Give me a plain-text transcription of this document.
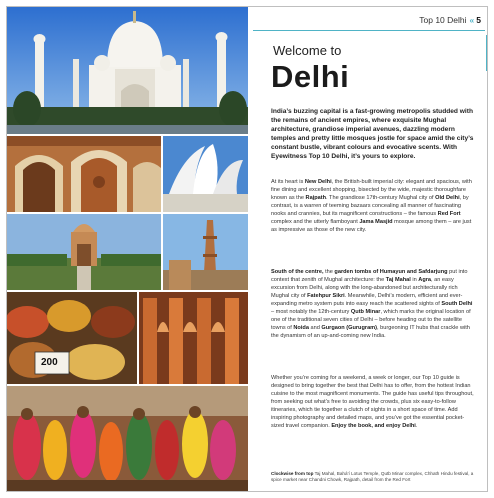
200
Top 10 Delhi « 5
Welcome to
Delhi
India’s buzzing capital is a fast-growing metropolis studded with the remains of ancient empires, where exquisite Mughal architecture, grandiose imperial avenues, dazzling modern temples and pretty little mosques jostle for space amid the city’s constant bustle, vibrant colours and evocative scents. With Eyewitness Top 10 Delhi, it’s yours to explore.
At its heart is New Delhi, the British-built imperial city: elegant and spacious, with fine dining and excellent shopping, bisected by the wide, majestic thoroughfare known as the Rajpath. The grandiose 17th-century Mughal city of Old Delhi, by contrast, is a warren of teeming bazaars concealing all manner of fascinating nooks and crannies, but its magnificent constructions – the famous Red Fort complex and the utterly flamboyant Jama Masjid mosque among them – are just as impressive as those of the new city.
South of the centre, the garden tombs of Humayun and Safdarjung put into context that zenith of Mughal architecture: the Taj Mahal in Agra, an easy excursion from Delhi, along with the long-abandoned but architecturally rich Mughal city of Fatehpur Sikri. Meanwhile, Delhi’s modern, efficient and ever-expanding metro system puts into easy reach the scattered sights of South Delhi – most notably the 12th-century Qutb Minar, which marks the original location of one of the traditional seven cities of Delhi – before heading out to the satellite towns of Noida and Gurgaon (Gurugram), burgeoning IT hubs that crackle with the dynamism of an up-and-coming new India.
Whether you’re coming for a weekend, a week or longer, our Top 10 guide is designed to bring together the best that Delhi has to offer, from the hottest Indian cuisine to the most magnificent monuments. The guide has useful tips throughout, from seeking out what’s free to avoiding the crowds, plus six easy-to-follow itineraries, which tie together a clutch of sights in a short space of time. Add inspiring photography and detailed maps, and you’ve got the essential pocket-sized travel companion. Enjoy the book, and enjoy Delhi.
Clockwise from top Taj Mahal, Bahá’í Lotus Temple, Qutb Minar complex, Chhath Hindu festival, a spice market near Chandni Chowk, Rajpath, detail from the Red Fort
